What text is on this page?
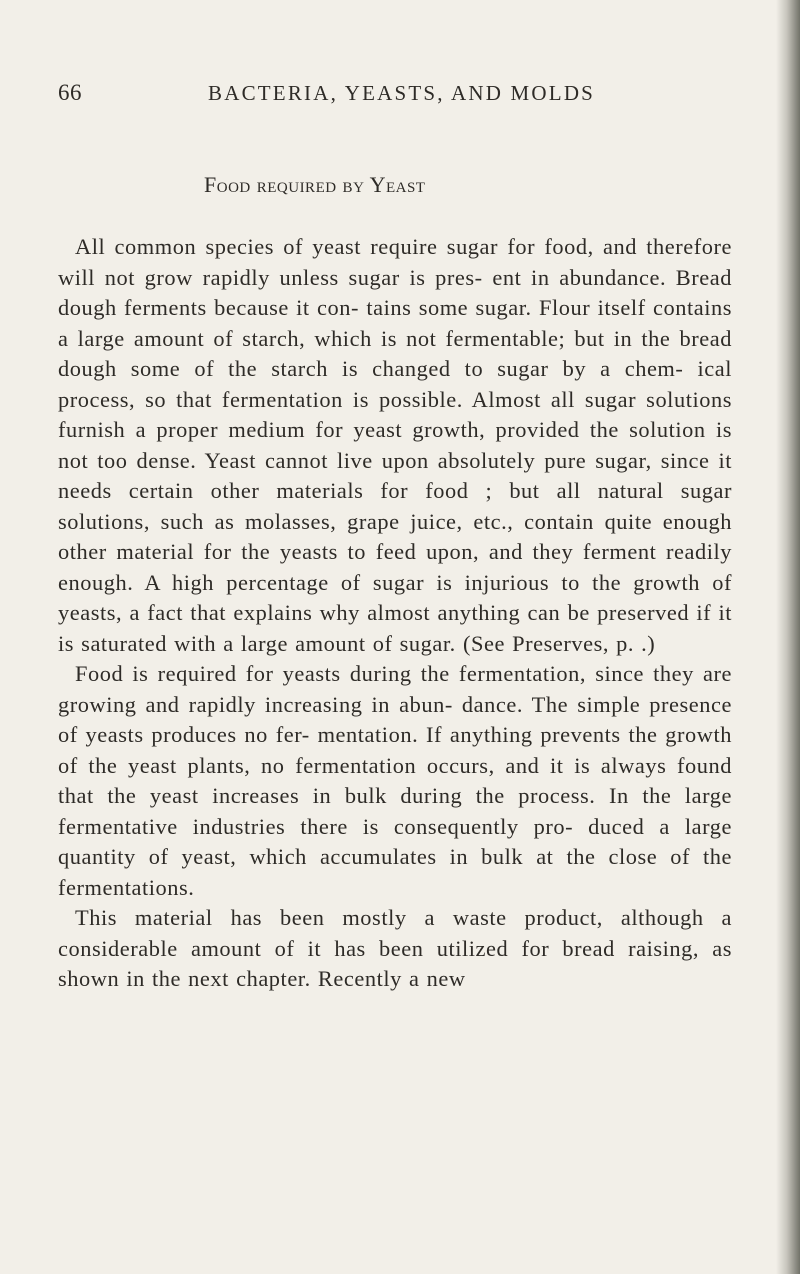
66	BACTERIA, YEASTS, AND MOLDS
Food required by Yeast

All common species of yeast require sugar for food, and therefore will not grow rapidly unless sugar is pres- ent in abundance. Bread dough ferments because it con- tains some sugar. Flour itself contains a large amount of starch, which is not fermentable; but in the bread dough some of the starch is changed to sugar by a chem- ical process, so that fermentation is possible. Almost all sugar solutions furnish a proper medium for yeast growth, provided the solution is not too dense. Yeast cannot live upon absolutely pure sugar, since it needs certain other materials for food ; but all natural sugar solutions, such as molasses, grape juice, etc., contain quite enough other material for the yeasts to feed upon, and they ferment readily enough. A high percentage of sugar is injurious to the growth of yeasts, a fact that explains why almost anything can be preserved if it is saturated with a large amount of sugar. (See Preserves, p. .)

Food is required for yeasts during the fermentation, since they are growing and rapidly increasing in abun- dance. The simple presence of yeasts produces no fer- mentation. If anything prevents the growth of the yeast plants, no fermentation occurs, and it is always found that the yeast increases in bulk during the process. In the large fermentative industries there is consequently pro- duced a large quantity of yeast, which accumulates in bulk at the close of the fermentations.

This material has been mostly a waste product, although a considerable amount of it has been utilized for bread raising, as shown in the next chapter. Recently a new
